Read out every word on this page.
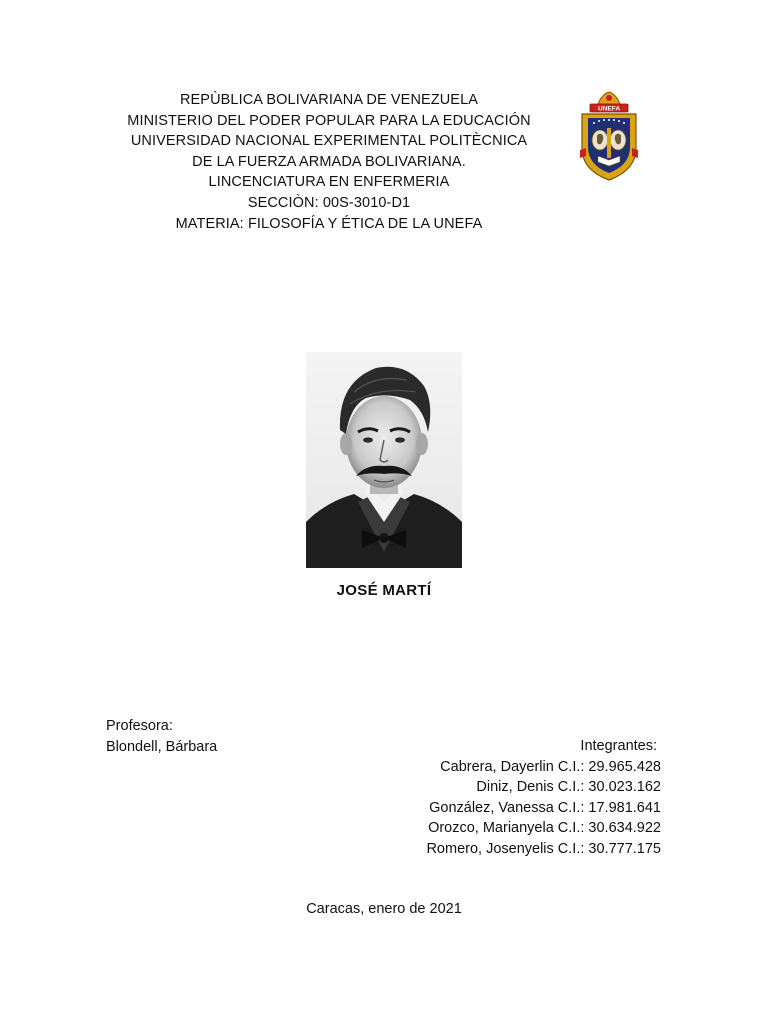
REPÙBLICA BOLIVARIANA DE VENEZUELA
MINISTERIO DEL PODER POPULAR PARA LA EDUCACIÓN
UNIVERSIDAD NACIONAL EXPERIMENTAL POLITÈCNICA
DE LA FUERZA ARMADA BOLIVARIANA.
LINCENCIATURA EN ENFERMERIA
SECCIÒN: 00S-3010-D1
MATERIA: FILOSOFÍA Y ÉTICA DE LA UNEFA
UNEFA
JOSÉ MARTÍ
Profesora:
Blondell, Bárbara	Integrantes:
Cabrera, Dayerlin C.I.: 29.965.428
Diniz, Denis C.I.: 30.023.162
González, Vanessa C.I.: 17.981.641
Orozco, Marianyela C.I.: 30.634.922
Romero, Josenyelis C.I.: 30.777.175
Caracas, enero de 2021
